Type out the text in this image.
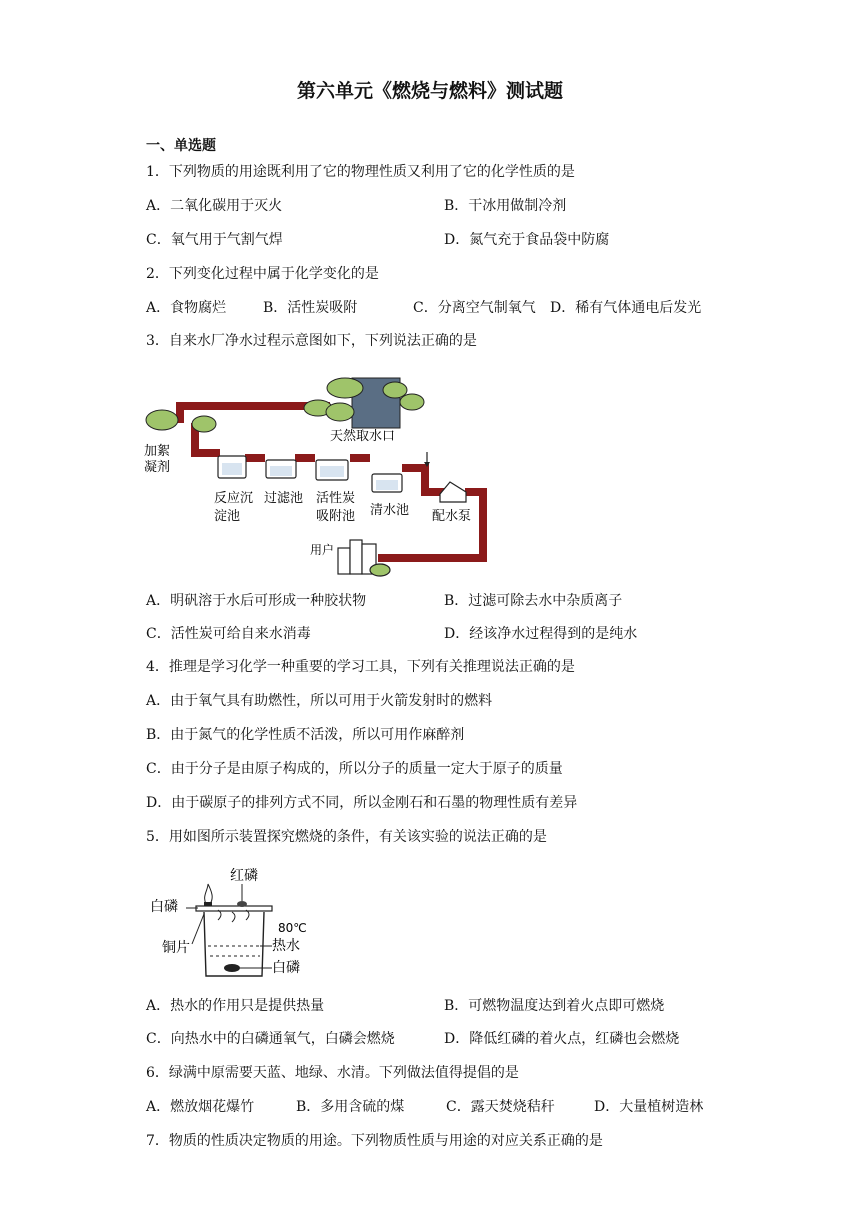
第六单元《燃烧与燃料》测试题
一、单选题
1．下列物质的用途既利用了它的物理性质又利用了它的化学性质的是
A．二氧化碳用于灭火	B．干冰用做制冷剂
C．氧气用于气割气焊	D．氮气充于食品袋中防腐
2．下列变化过程中属于化学变化的是
A．食物腐烂	B．活性炭吸附	C．分离空气制氧气 D．稀有气体通电后发光
3．自来水厂净水过程示意图如下，下列说法正确的是
天然取水口
加絮
凝剂
反应沉
淀池
过滤池 活性炭
吸附池 清水池 配水泵
用户
A．明矾溶于水后可形成一种胶状物	B．过滤可除去水中杂质离子
C．活性炭可给自来水消毒	D．经该净水过程得到的是纯水
4．推理是学习化学一种重要的学习工具，下列有关推理说法正确的是
A．由于氧气具有助燃性，所以可用于火箭发射时的燃料
B．由于氮气的化学性质不活泼，所以可用作麻醉剂
C．由于分子是由原子构成的，所以分子的质量一定大于原子的质量
D．由于碳原子的排列方式不同，所以金刚石和石墨的物理性质有差异
5．用如图所示装置探究燃烧的条件，有关该实验的说法正确的是
红磷
白磷
铜片
80℃
热水
白磷
A．热水的作用只是提供热量	B．可燃物温度达到着火点即可燃烧
C．向热水中的白磷通氧气，白磷会燃烧	D．降低红磷的着火点，红磷也会燃烧
6．绿满中原需要天蓝、地绿、水清。下列做法值得提倡的是
A．燃放烟花爆竹	B．多用含硫的煤	C．露天焚烧秸秆	D．大量植树造林
7．物质的性质决定物质的用途。下列物质性质与用途的对应关系正确的是
